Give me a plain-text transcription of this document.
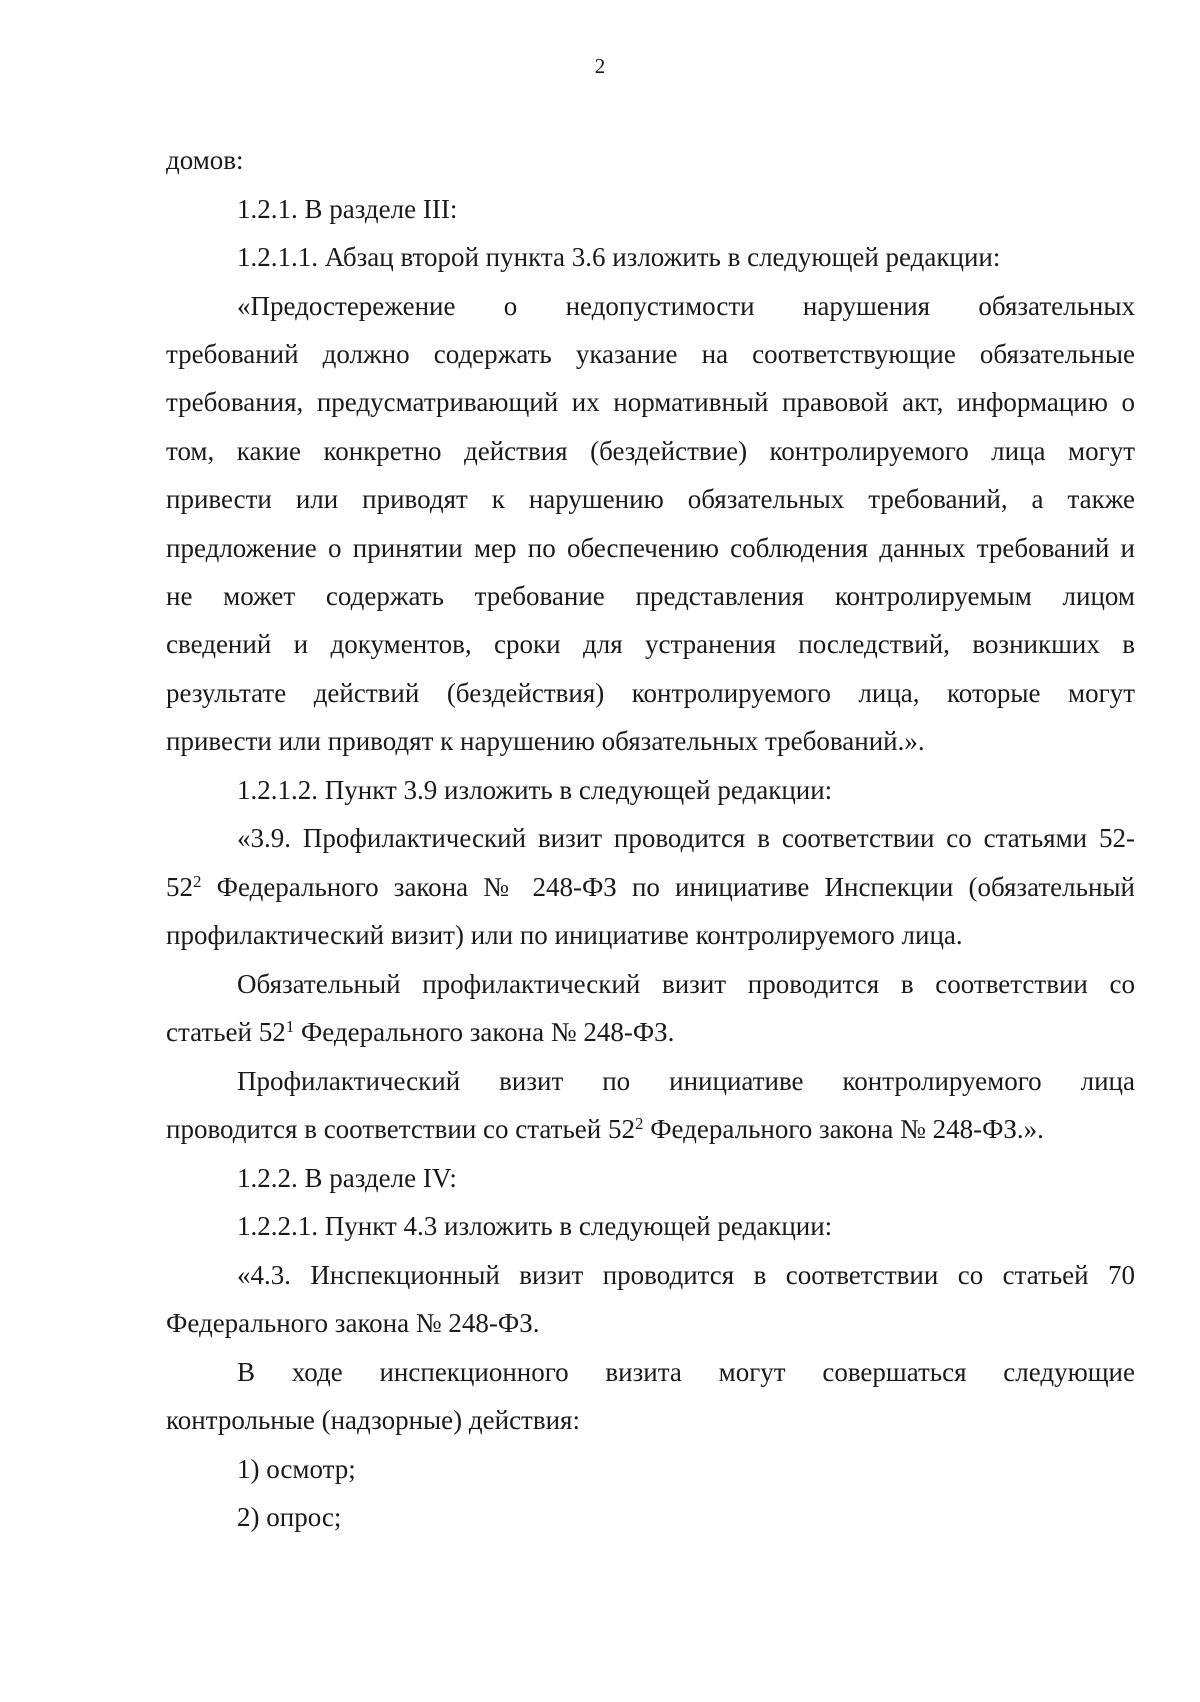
2
домов:
1.2.1. В разделе III:
1.2.1.1. Абзац второй пункта 3.6 изложить в следующей редакции:
«Предостережение о недопустимости нарушения обязательных
требований должно содержать указание на соответствующие обязательные
требования, предусматривающий их нормативный правовой акт, информацию о
том, какие конкретно действия (бездействие) контролируемого лица могут
привести или приводят к нарушению обязательных требований, а также
предложение о принятии мер по обеспечению соблюдения данных требований и
не может содержать требование представления контролируемым лицом
сведений и документов, сроки для устранения последствий, возникших в
результате действий (бездействия) контролируемого лица, которые могут
привести или приводят к нарушению обязательных требований.».
1.2.1.2. Пункт 3.9 изложить в следующей редакции:
«3.9. Профилактический визит проводится в соответствии со статьями 52-
$52^2$ Федерального закона № 248-ФЗ по инициативе Инспекции (обязательный
профилактический визит) или по инициативе контролируемого лица.
Обязательный профилактический визит проводится в соответствии со
статьей $52^1$ Федерального закона № 248-ФЗ.
Профилактический визит по инициативе контролируемого лица
проводится в соответствии со статьей $52^2$ Федерального закона № 248-ФЗ.».
1.2.2. В разделе IV:
1.2.2.1. Пункт 4.3 изложить в следующей редакции:
«4.3. Инспекционный визит проводится в соответствии со статьей 70
Федерального закона № 248-ФЗ.
В ходе инспекционного визита могут совершаться следующие
контрольные (надзорные) действия:
1) осмотр;
2) опрос;
